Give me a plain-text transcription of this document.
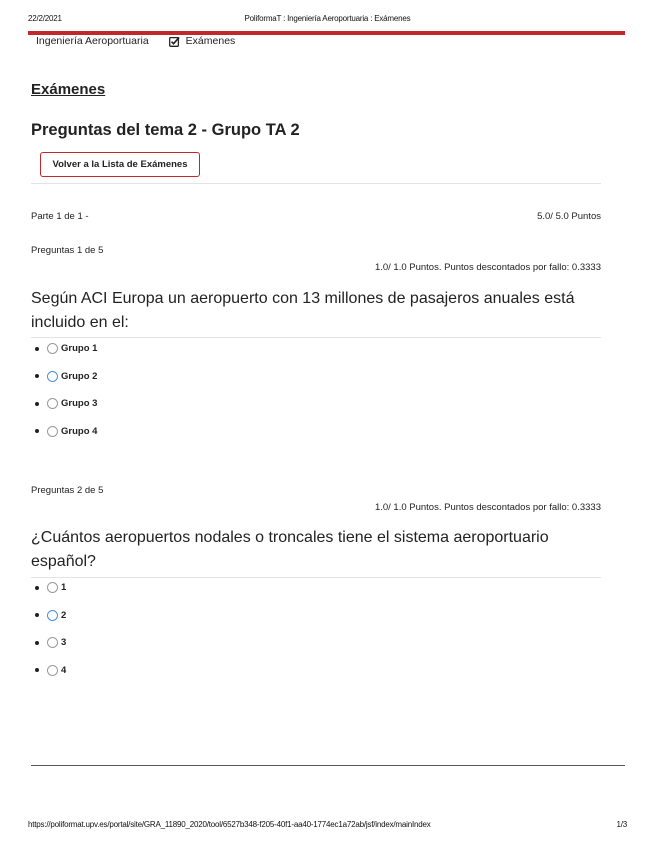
22/2/2021	PoliformaT : Ingeniería Aeroportuaria : Exámenes
Ingeniería Aeroportuaria	Exámenes
Exámenes
Preguntas del tema 2 - Grupo TA 2
Volver a la Lista de Exámenes
Parte 1 de 1 -	5.0/ 5.0 Puntos
Preguntas 1 de 5
1.0/ 1.0 Puntos. Puntos descontados por fallo: 0.3333
Según ACI Europa un aeropuerto con 13 millones de pasajeros anuales está incluido en el:
Grupo 1
Grupo 2
Grupo 3
Grupo 4
Preguntas 2 de 5
1.0/ 1.0 Puntos. Puntos descontados por fallo: 0.3333
¿Cuántos aeropuertos nodales o troncales tiene el sistema aeroportuario español?
1
2
3
4
https://poliformat.upv.es/portal/site/GRA_11890_2020/tool/6527b348-f205-40f1-aa40-1774ec1a72ab/jsf/index/mainIndex	1/3
